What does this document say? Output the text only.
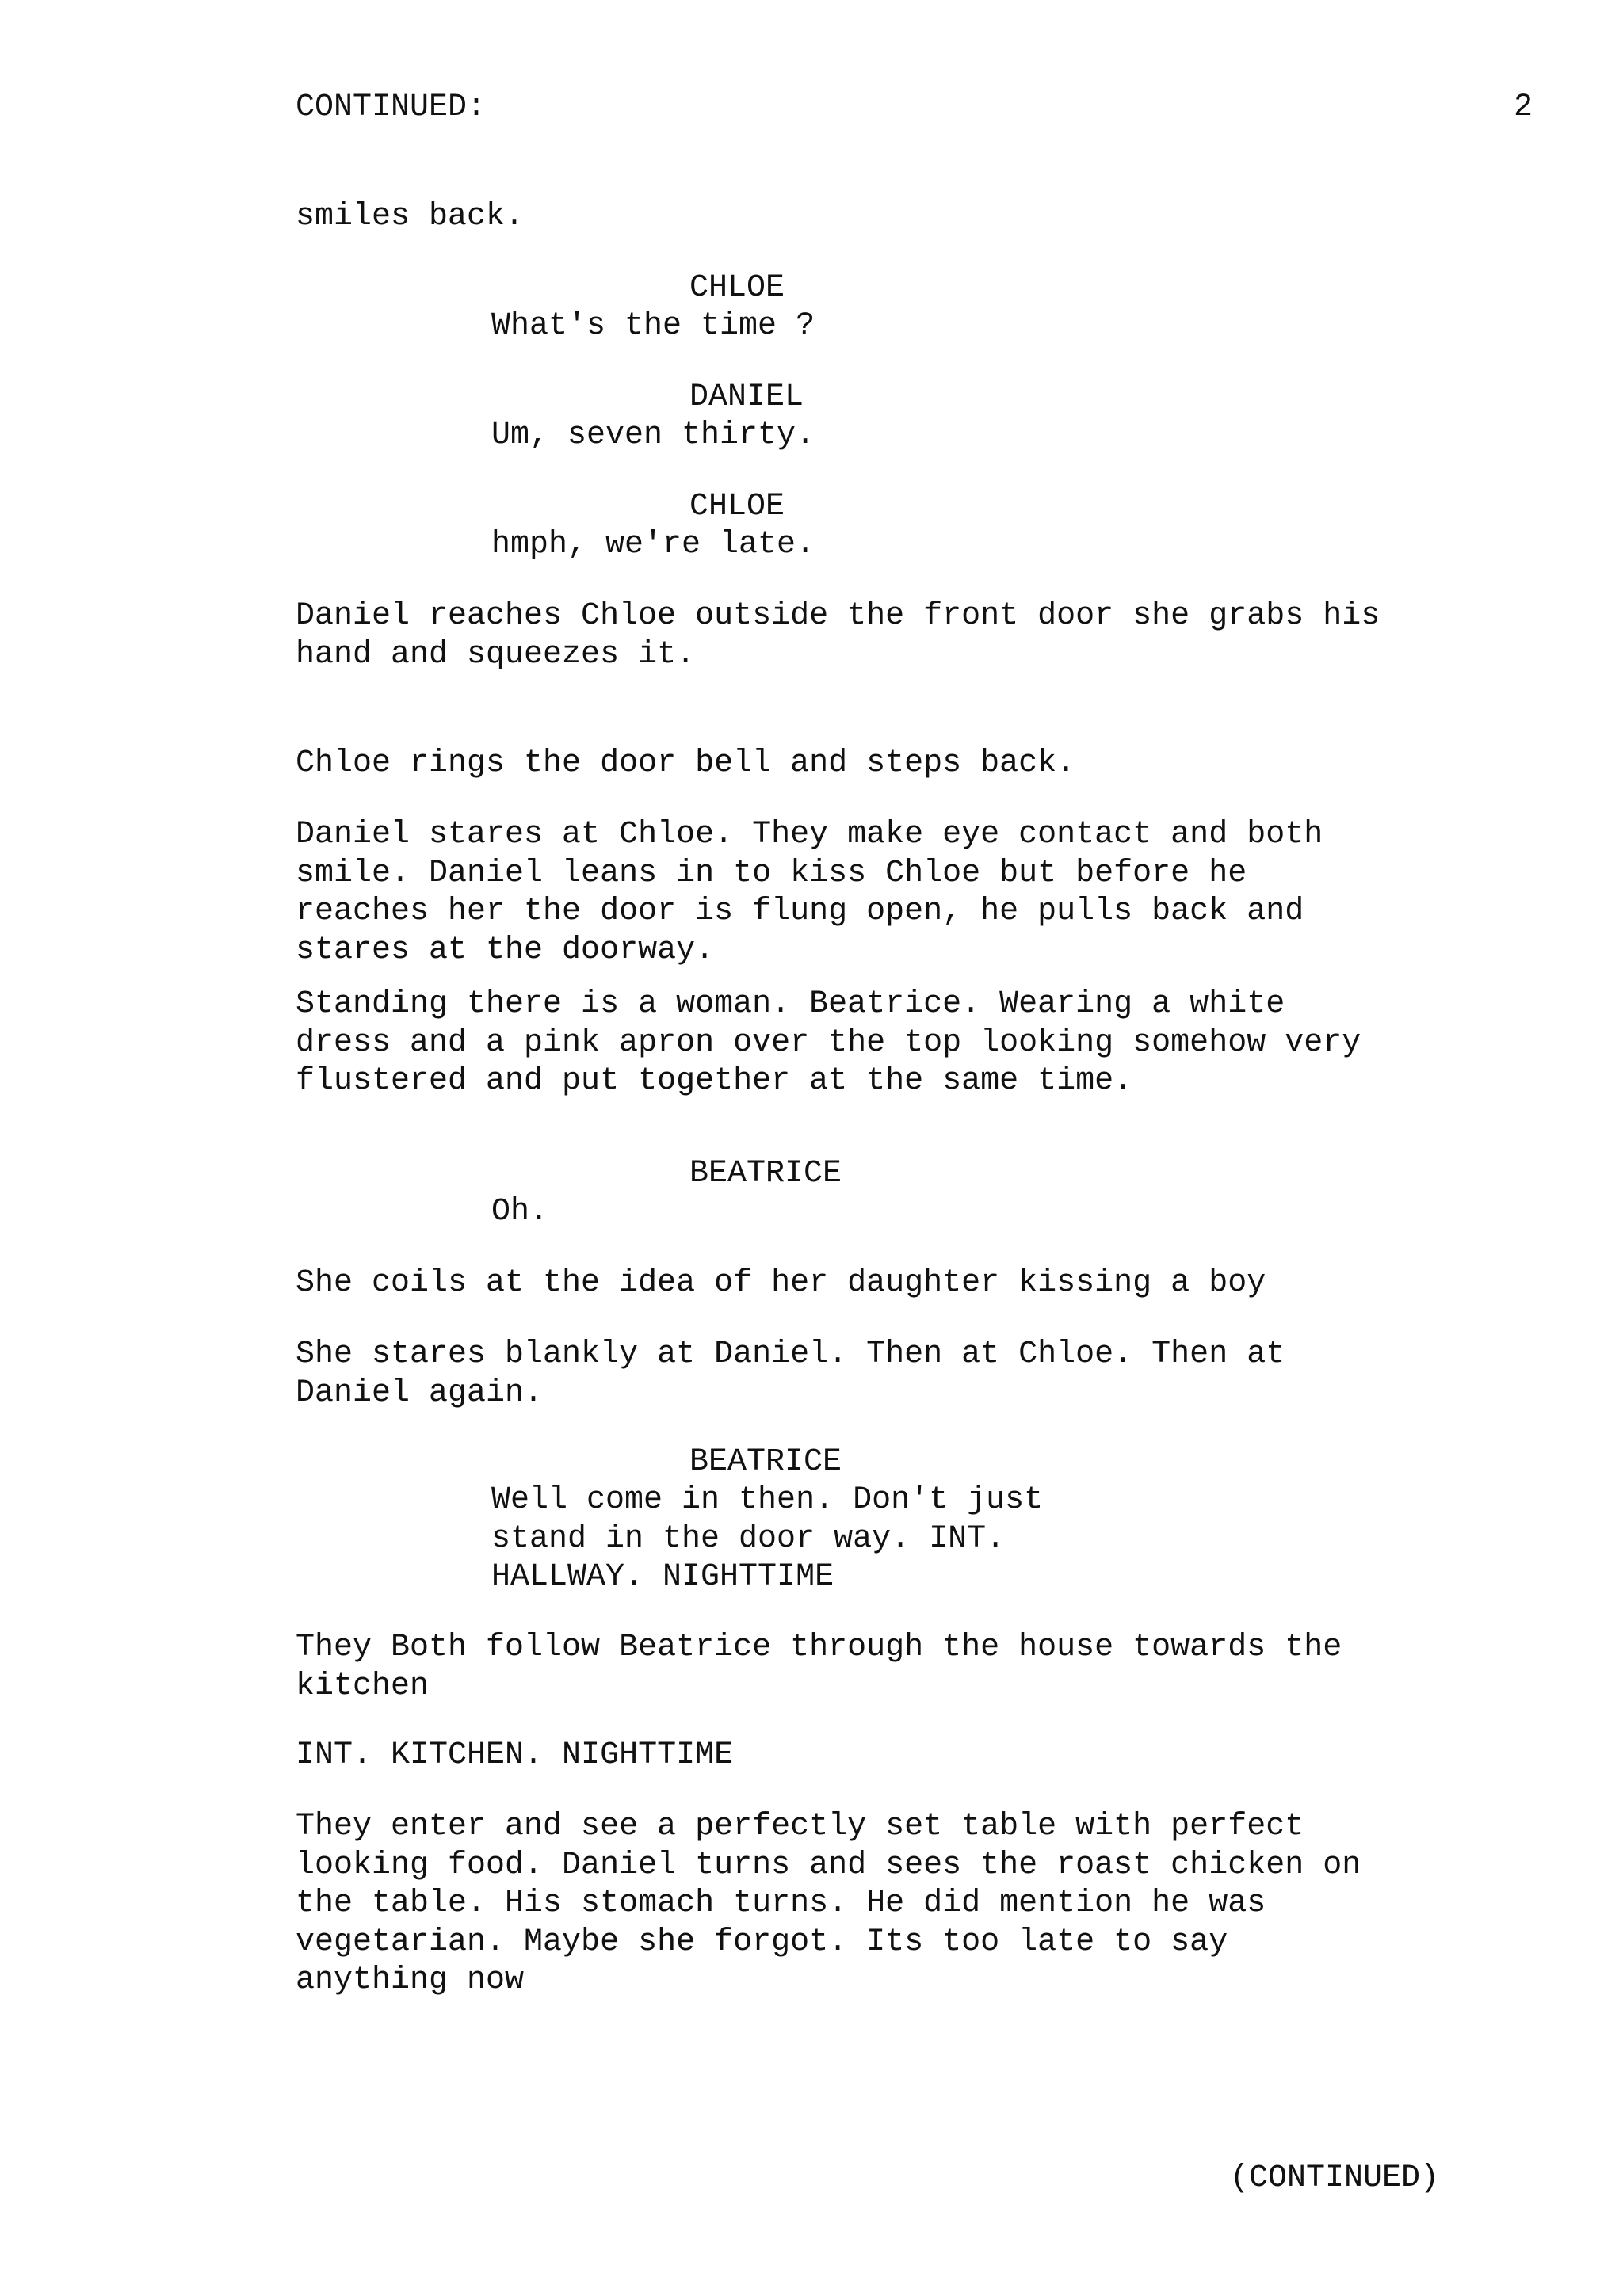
CONTINUED:	2
smiles back.
CHLOE
What's the time ?
DANIEL
Um, seven thirty.
CHLOE
hmph, we're late.
Daniel reaches Chloe outside the front door she grabs his
hand and squeezes it.
Chloe rings the door bell and steps back.
Daniel stares at Chloe. They make eye contact and both
smile. Daniel leans in to kiss Chloe but before he
reaches her the door is flung open, he pulls back and
stares at the doorway.
Standing there is a woman. Beatrice. Wearing a white
dress and a pink apron over the top looking somehow very
flustered and put together at the same time.
BEATRICE
Oh.
She coils at the idea of her daughter kissing a boy
She stares blankly at Daniel. Then at Chloe. Then at
Daniel again.
BEATRICE
Well come in then. Don't just
stand in the door way. INT.
HALLWAY. NIGHTTIME
They Both follow Beatrice through the house towards the
kitchen
INT. KITCHEN. NIGHTTIME
They enter and see a perfectly set table with perfect
looking food. Daniel turns and sees the roast chicken on
the table. His stomach turns. He did mention he was
vegetarian. Maybe she forgot. Its too late to say
anything now
(CONTINUED)
